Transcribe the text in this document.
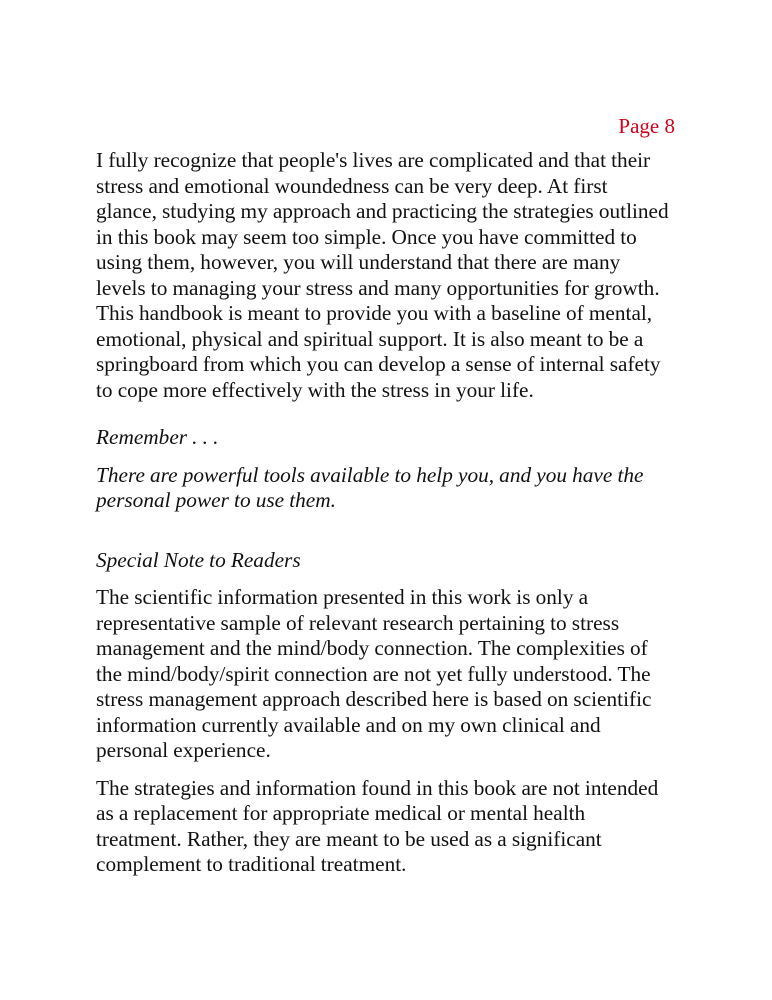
Page 8

I fully recognize that people's lives are complicated and that their
stress and emotional woundedness can be very deep. At first
glance, studying my approach and practicing the strategies outlined
in this book may seem too simple. Once you have committed to
using them, however, you will understand that there are many
levels to managing your stress and many opportunities for growth.
This handbook is meant to provide you with a baseline of mental,
emotional, physical and spiritual support. It is also meant to be a
springboard from which you can develop a sense of internal safety
to cope more effectively with the stress in your life.

Remember . . .

There are powerful tools available to help you, and you have the
personal power to use them.

Special Note to Readers

The scientific information presented in this work is only a
representative sample of relevant research pertaining to stress
management and the mind/body connection. The complexities of
the mind/body/spirit connection are not yet fully understood. The
stress management approach described here is based on scientific
information currently available and on my own clinical and
personal experience.

The strategies and information found in this book are not intended
as a replacement for appropriate medical or mental health
treatment. Rather, they are meant to be used as a significant
complement to traditional treatment.
